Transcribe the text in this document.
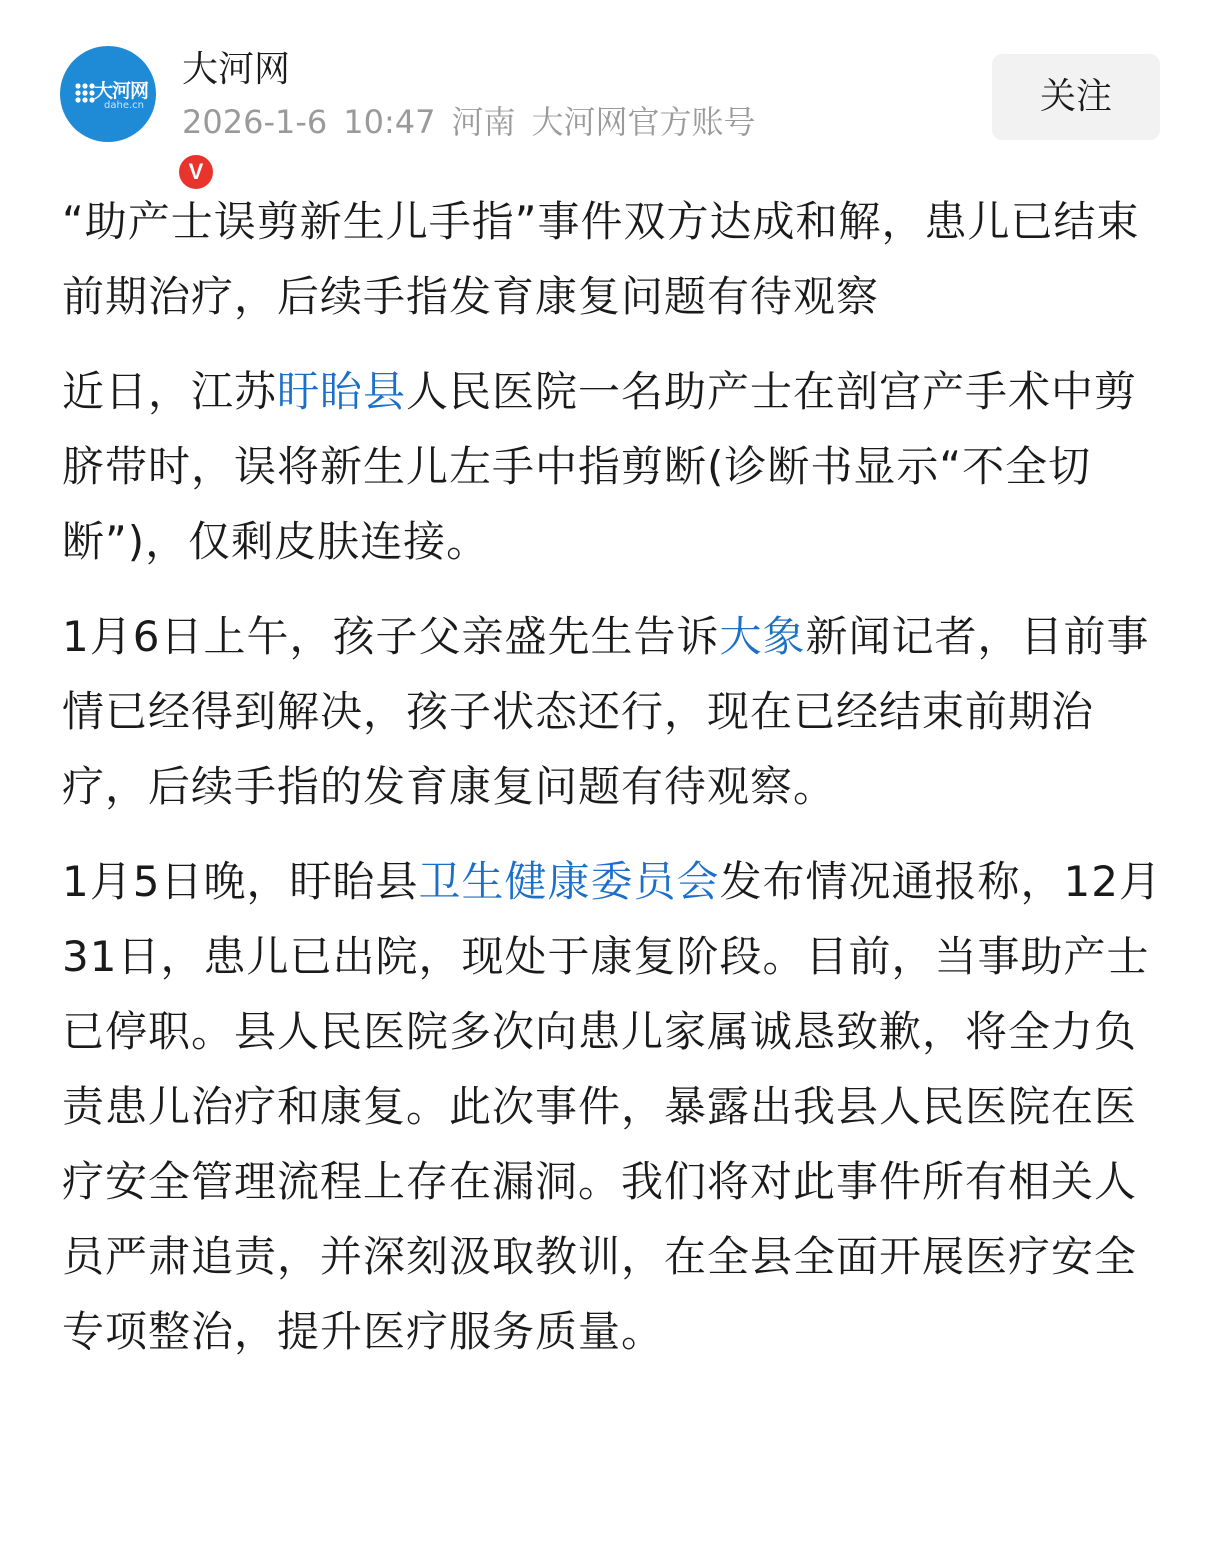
大河网
dahe.cn
V
大河网
2026-1-6 10:47 河南 大河网官方账号
关注

“助产士误剪新生儿手指”事件双方达成和解，患儿已结束前期治疗，后续手指发育康复问题有待观察

近日，江苏盱眙县人民医院一名助产士在剖宫产手术中剪脐带时，误将新生儿左手中指剪断(诊断书显示“不全切断”)，仅剩皮肤连接。

1月6日上午，孩子父亲盛先生告诉大象新闻记者，目前事情已经得到解决，孩子状态还行，现在已经结束前期治疗，后续手指的发育康复问题有待观察。

1月5日晚，盱眙县卫生健康委员会发布情况通报称，12月31日，患儿已出院，现处于康复阶段。目前，当事助产士已停职。县人民医院多次向患儿家属诚恳致歉，将全力负责患儿治疗和康复。此次事件，暴露出我县人民医院在医疗安全管理流程上存在漏洞。我们将对此事件所有相关人员严肃追责，并深刻汲取教训，在全县全面开展医疗安全专项整治，提升医疗服务质量。
